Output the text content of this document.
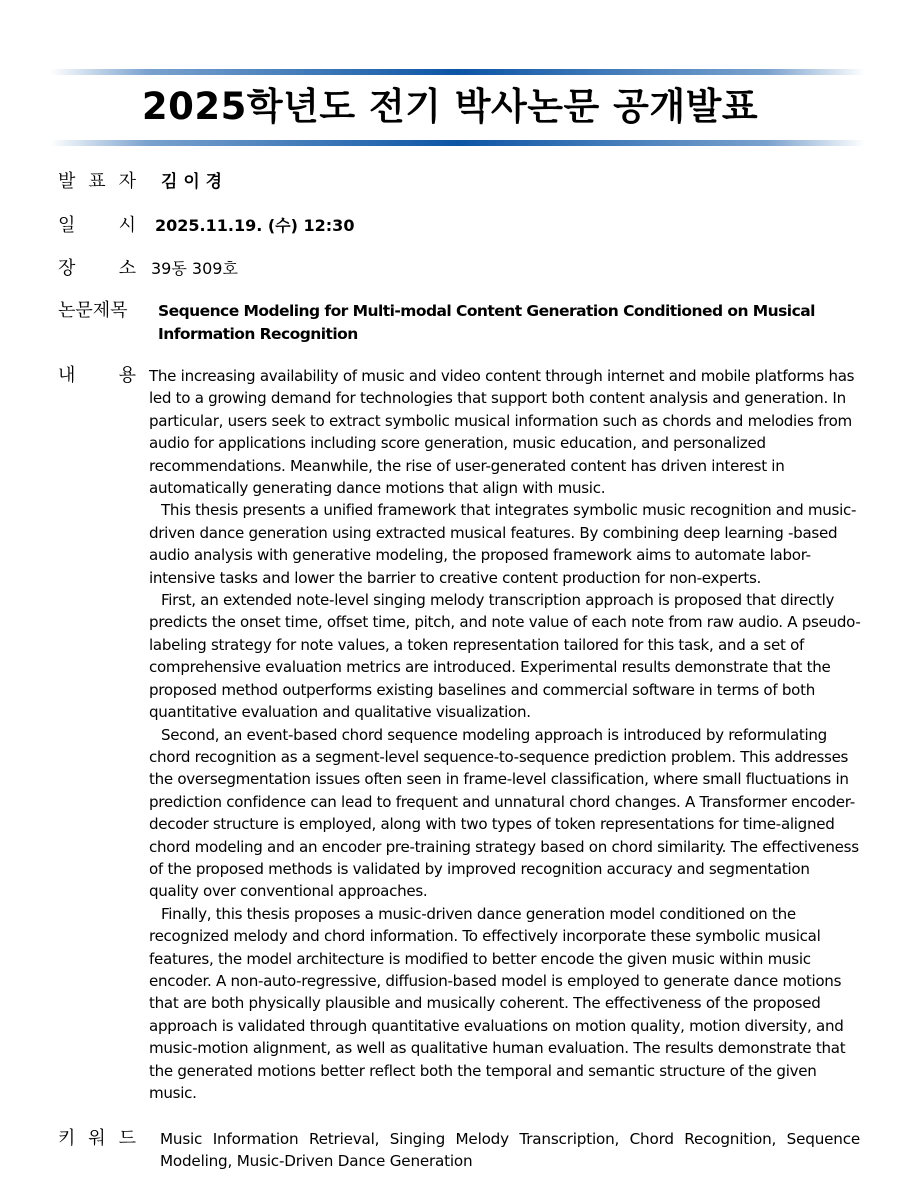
2025학년도 전기 박사논문 공개발표
발 표 자 김 이 경
일 시 2025.11.19. (수) 12:30
장 소 39동 309호
논문제목	Sequence Modeling for Multi-modal Content Generation Conditioned on Musical Information Recognition
내 용 The increasing availability of music and video content through internet and mobile platforms has led to a growing demand for technologies that support both content analysis and generation. In particular, users seek to extract symbolic musical information such as chords and melodies from audio for applications including score generation, music education, and personalized recommendations. Meanwhile, the rise of user-generated content has driven interest in automatically generating dance motions that align with music.

This thesis presents a unified framework that integrates symbolic music recognition and music-driven dance generation using extracted musical features. By combining deep learning -based audio analysis with generative modeling, the proposed framework aims to automate labor-intensive tasks and lower the barrier to creative content production for non-experts.

First, an extended note-level singing melody transcription approach is proposed that directly predicts the onset time, offset time, pitch, and note value of each note from raw audio. A pseudo-labeling strategy for note values, a token representation tailored for this task, and a set of comprehensive evaluation metrics are introduced. Experimental results demonstrate that the proposed method outperforms existing baselines and commercial software in terms of both quantitative evaluation and qualitative visualization.

Second, an event-based chord sequence modeling approach is introduced by reformulating chord recognition as a segment-level sequence-to-sequence prediction problem. This addresses the oversegmentation issues often seen in frame-level classification, where small fluctuations in prediction confidence can lead to frequent and unnatural chord changes. A Transformer encoder-decoder structure is employed, along with two types of token representations for time-aligned chord modeling and an encoder pre-training strategy based on chord similarity. The effectiveness of the proposed methods is validated by improved recognition accuracy and segmentation quality over conventional approaches.

Finally, this thesis proposes a music-driven dance generation model conditioned on the recognized melody and chord information. To effectively incorporate these symbolic musical features, the model architecture is modified to better encode the given music within music encoder. A non-auto-regressive, diffusion-based model is employed to generate dance motions that are both physically plausible and musically coherent. The effectiveness of the proposed approach is validated through quantitative evaluations on motion quality, motion diversity, and music-motion alignment, as well as qualitative human evaluation. The results demonstrate that the generated motions better reflect both the temporal and semantic structure of the given music.

키 워 드 Music Information Retrieval, Singing Melody Transcription, Chord Recognition, Sequence Modeling, Music-Driven Dance Generation
